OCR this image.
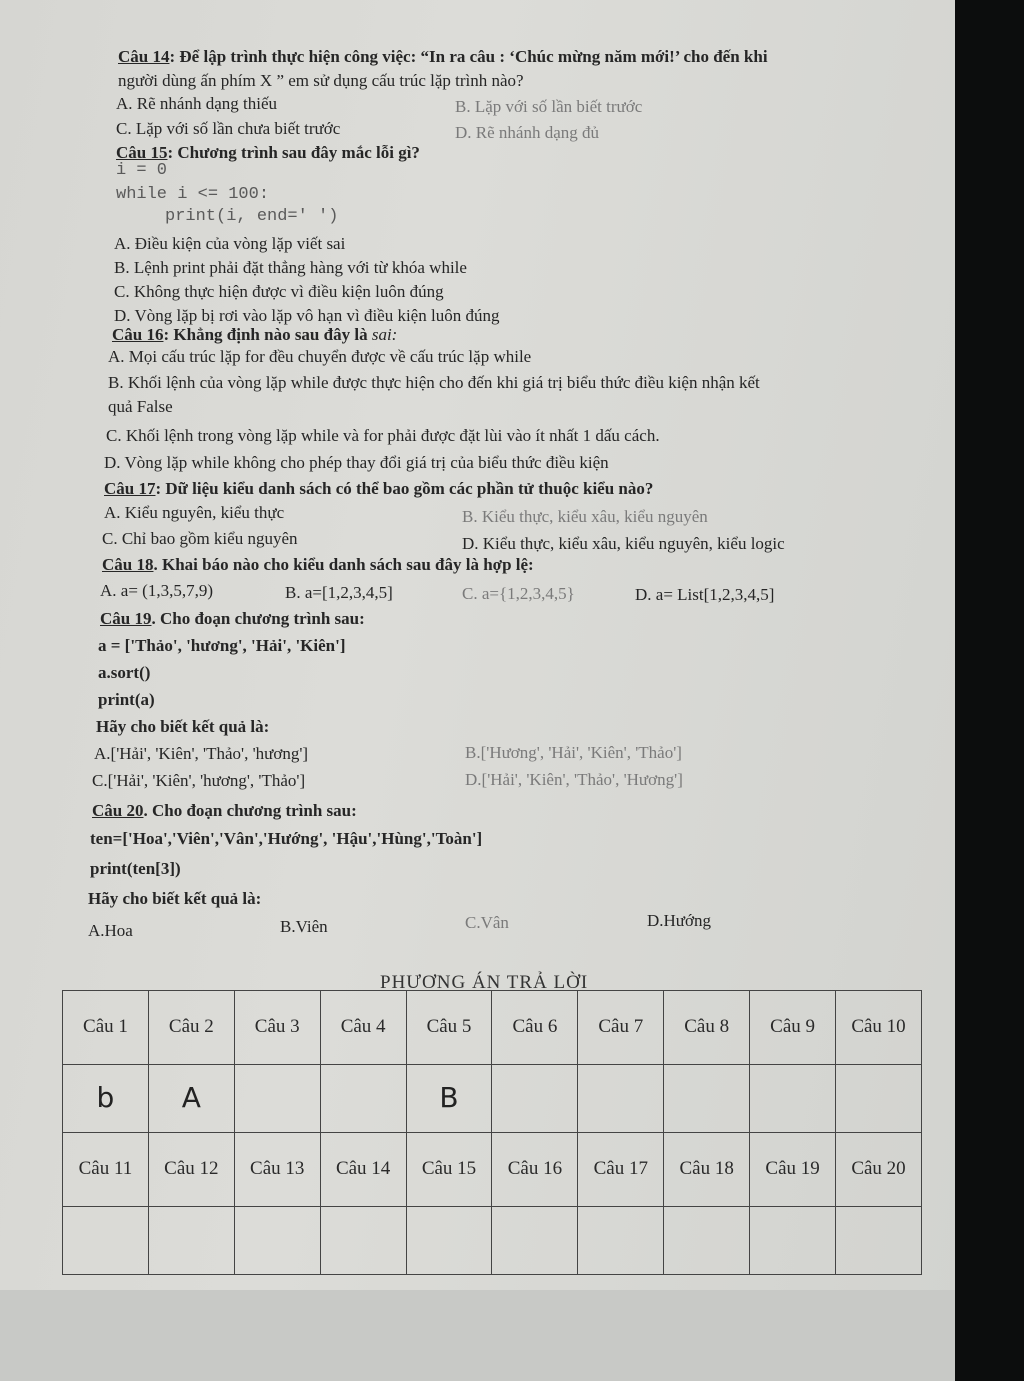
Câu 14: Để lập trình thực hiện công việc: “In ra câu : ‘Chúc mừng năm mới!’ cho đến khi
người dùng ấn phím X ” em sử dụng cấu trúc lặp trình nào?
A. Rẽ nhánh dạng thiếu	B. Lặp với số lần biết trước
C. Lặp với số lần chưa biết trước	D. Rẽ nhánh dạng đủ
Câu 15: Chương trình sau đây mắc lỗi gì?
i = 0
while i <= 100:
print(i, end=' ')
A. Điều kiện của vòng lặp viết sai
B. Lệnh print phải đặt thẳng hàng với từ khóa while
C. Không thực hiện được vì điều kiện luôn đúng
D. Vòng lặp bị rơi vào lặp vô hạn vì điều kiện luôn đúng
Câu 16: Khẳng định nào sau đây là sai:
A. Mọi cấu trúc lặp for đều chuyển được về cấu trúc lặp while
B. Khối lệnh của vòng lặp while được thực hiện cho đến khi giá trị biểu thức điều kiện nhận kết
quả False
C. Khối lệnh trong vòng lặp while và for phải được đặt lùi vào ít nhất 1 dấu cách.
D. Vòng lặp while không cho phép thay đổi giá trị của biểu thức điều kiện
Câu 17: Dữ liệu kiểu danh sách có thể bao gồm các phần tử thuộc kiểu nào?
A. Kiểu nguyên, kiểu thực	B. Kiểu thực, kiểu xâu, kiểu nguyên
C. Chỉ bao gồm kiểu nguyên	D. Kiểu thực, kiểu xâu, kiểu nguyên, kiểu logic
Câu 18. Khai báo nào cho kiểu danh sách sau đây là hợp lệ:
A. a= (1,3,5,7,9)	B. a=[1,2,3,4,5]	C. a={1,2,3,4,5}	D. a= List[1,2,3,4,5]
Câu 19. Cho đoạn chương trình sau:
a = ['Thảo', 'hương', 'Hải', 'Kiên']
a.sort()
print(a)
Hãy cho biết kết quả là:
A.['Hải', 'Kiên', 'Thảo', 'hương']	B.['Hương', 'Hải', 'Kiên', 'Thảo']
C.['Hải', 'Kiên', 'hương', 'Thảo']	D.['Hải', 'Kiên', 'Thảo', 'Hương']
Câu 20. Cho đoạn chương trình sau:
ten=['Hoa','Viên','Vân','Hướng', 'Hậu','Hùng','Toàn']
print(ten[3])
Hãy cho biết kết quả là:
A.Hoa	B.Viên	C.Vân	D.Hướng
PHƯƠNG ÁN TRẢ LỜI
Câu 1	Câu 2	Câu 3	Câu 4	Câu 5	Câu 6	Câu 7	Câu 8	Câu 9	Câu 10
b	A			B					
Câu 11	Câu 12	Câu 13	Câu 14	Câu 15	Câu 16	Câu 17	Câu 18	Câu 19	Câu 20
